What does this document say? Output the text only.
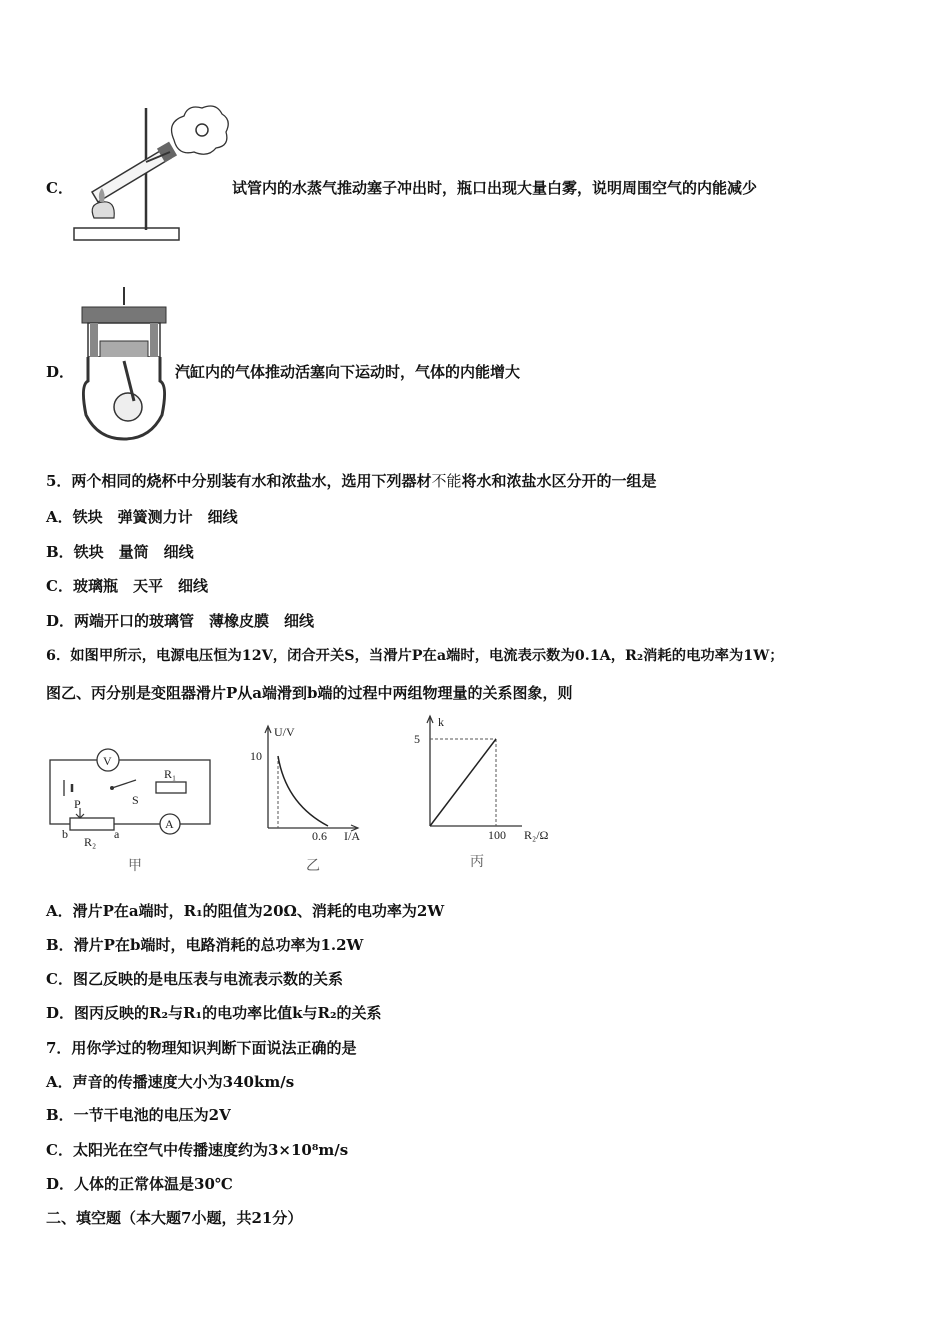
C．	试管内的水蒸气推动塞子冲出时，瓶口出现大量白雾，说明周围空气的内能减少
D．	汽缸内的气体推动活塞向下运动时，气体的内能增大
5．两个相同的烧杯中分别装有水和浓盐水，选用下列器材不能将水和浓盐水区分开的一组是
A．铁块　弹簧测力计　细线
B．铁块　量筒　细线
C．玻璃瓶　天平　细线
D．两端开口的玻璃管　薄橡皮膜　细线
6．如图甲所示，电源电压恒为12V，闭合开关S，当滑片P在a端时，电流表示数为0.1A，R₂消耗的电功率为1W；
图乙、丙分别是变阻器滑片P从a端滑到b端的过程中两组物理量的关系图象，则
V
S
R₁
A
P
b	a
R₂
甲
U/V
10
0.6 I/A
乙
k
5
100 R₂/Ω
丙
A．滑片P在a端时，R₁的阻值为20Ω、消耗的电功率为2W
B．滑片P在b端时，电路消耗的总功率为1.2W
C．图乙反映的是电压表与电流表示数的关系
D．图丙反映的R₂与R₁的电功率比值k与R₂的关系
7．用你学过的物理知识判断下面说法正确的是
A．声音的传播速度大小为340km/s
B．一节干电池的电压为2V
C．太阳光在空气中传播速度约为3×10⁸m/s
D．人体的正常体温是30℃
二、填空题（本大题7小题，共21分）
